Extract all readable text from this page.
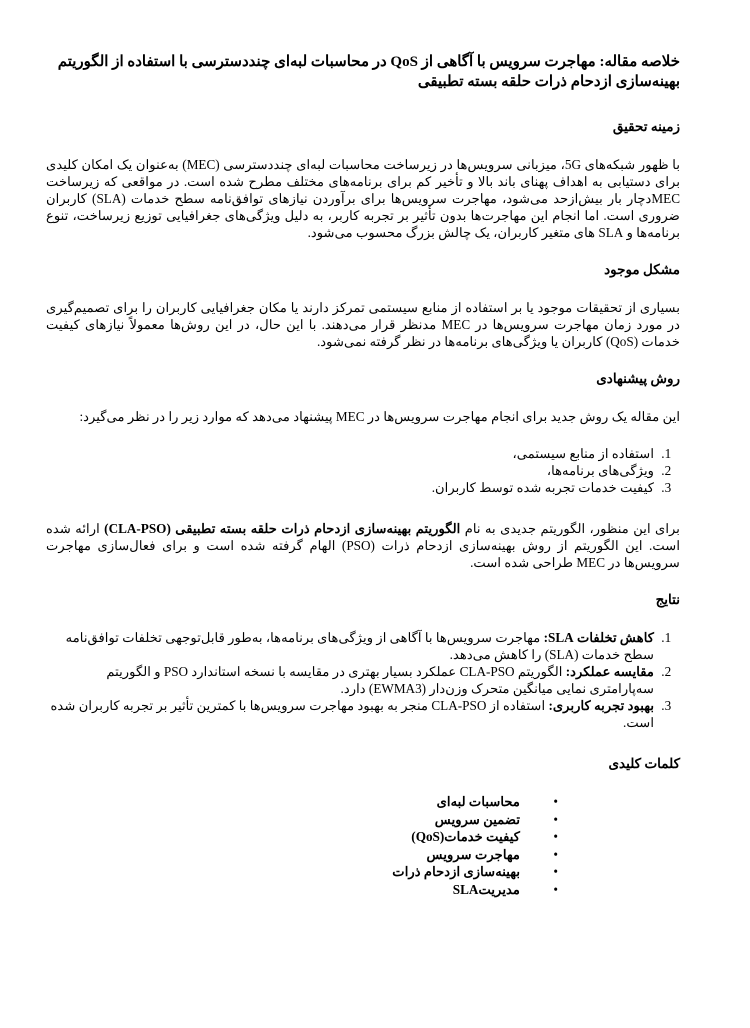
خلاصه مقاله: مهاجرت سرویس با آگاهی از QoS در محاسبات لبه‌ای چنددسترسی با استفاده از الگوریتم بهینه‌سازی ازدحام ذرات حلقه بسته تطبیقی
زمینه تحقیق

با ظهور شبکه‌های 5G، میزبانی سرویس‌ها در زیرساخت محاسبات لبه‌ای چنددسترسی (MEC) به‌عنوان یک امکان کلیدی برای دستیابی به اهداف پهنای باند بالا و تأخیر کم برای برنامه‌های مختلف مطرح شده است. در مواقعی که زیرساخت MECدچار بار بیش‌ازحد می‌شود، مهاجرت سرویس‌ها برای برآوردن نیازهای توافق‌نامه سطح خدمات (SLA) کاربران ضروری است. اما انجام این مهاجرت‌ها بدون تأثیر بر تجربه کاربر، به دلیل ویژگی‌های جغرافیایی توزیع زیرساخت، تنوع برنامه‌ها و SLA های متغیر کاربران، یک چالش بزرگ محسوب می‌شود.

مشکل موجود

بسیاری از تحقیقات موجود یا بر استفاده از منابع سیستمی تمرکز دارند یا مکان جغرافیایی کاربران را برای تصمیم‌گیری در مورد زمان مهاجرت سرویس‌ها در MEC مدنظر قرار می‌دهند. با این حال، در این روش‌ها معمولاً نیازهای کیفیت خدمات (QoS) کاربران یا ویژگی‌های برنامه‌ها در نظر گرفته نمی‌شود.

روش پیشنهادی

این مقاله یک روش جدید برای انجام مهاجرت سرویس‌ها در MEC پیشنهاد می‌دهد که موارد زیر را در نظر می‌گیرد:

1. استفاده از منابع سیستمی،
2. ویژگی‌های برنامه‌ها،
3. کیفیت خدمات تجربه شده توسط کاربران.

برای این منظور، الگوریتم جدیدی به نام الگوریتم بهینه‌سازی ازدحام ذرات حلقه بسته تطبیقی (CLA-PSO) ارائه شده است. این الگوریتم از روش بهینه‌سازی ازدحام ذرات (PSO) الهام گرفته شده است و برای فعال‌سازی مهاجرت سرویس‌ها در MEC طراحی شده است.

نتایج
1. کاهش تخلفات SLA: مهاجرت سرویس‌ها با آگاهی از ویژگی‌های برنامه‌ها، به‌طور قابل‌توجهی تخلفات توافق‌نامه سطح خدمات (SLA) را کاهش می‌دهد.
2. مقایسه عملکرد: الگوریتم CLA-PSO عملکرد بسیار بهتری در مقایسه با نسخه استاندارد PSO و الگوریتم سه‌پارامتری نمایی میانگین متحرک وزن‌دار (EWMA3) دارد.
3. بهبود تجربه کاربری: استفاده از CLA-PSO منجر به بهبود مهاجرت سرویس‌ها با کمترین تأثیر بر تجربه کاربران شده است.
کلمات کلیدی
• محاسبات لبه‌ای
• تضمین سرویس
• کیفیت خدمات(QoS)
• مهاجرت سرویس
• بهینه‌سازی ازدحام ذرات
• مدیریتSLA
